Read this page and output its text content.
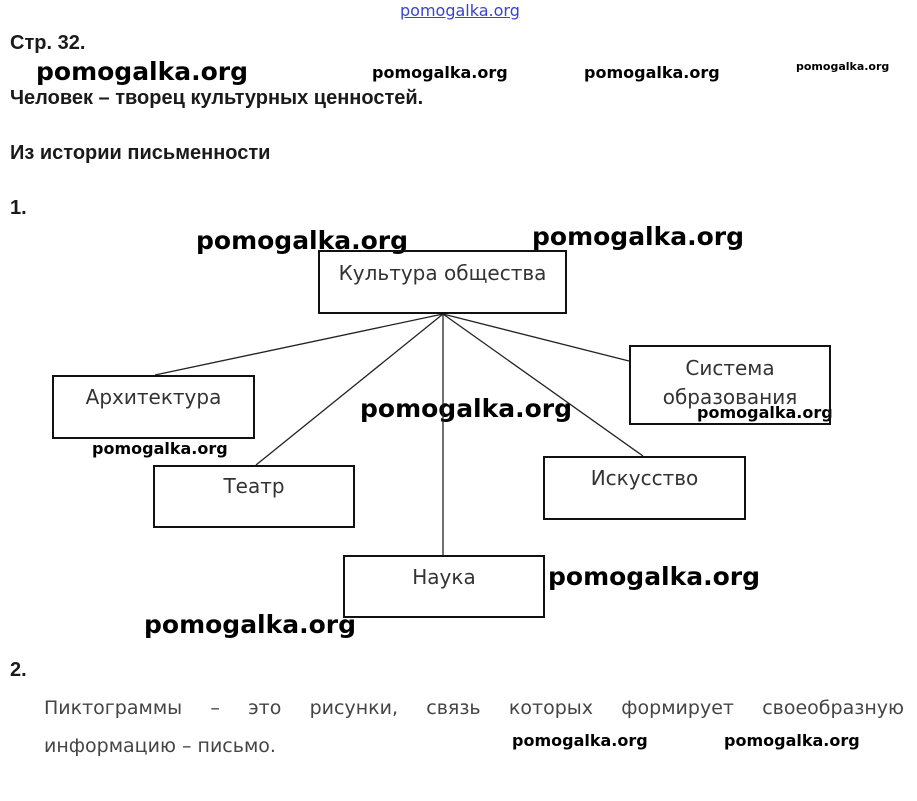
pomogalka.org
pomogalka.org	pomogalka.org	pomogalka.org	pomogalka.org
pomogalka.org	pomogalka.org
pomogalka.org
pomogalka.org
pomogalka.org
pomogalka.org
pomogalka.org
pomogalka.org	pomogalka.org
Стр. 32.
Человек – творец культурных ценностей.
Из истории письменности
1.
Культура общества
Архитектура
Театр
Наука
Искусство
Система образования
2.
Пиктограммы – это рисунки, связь которых формирует своеобразную
информацию – письмо.
